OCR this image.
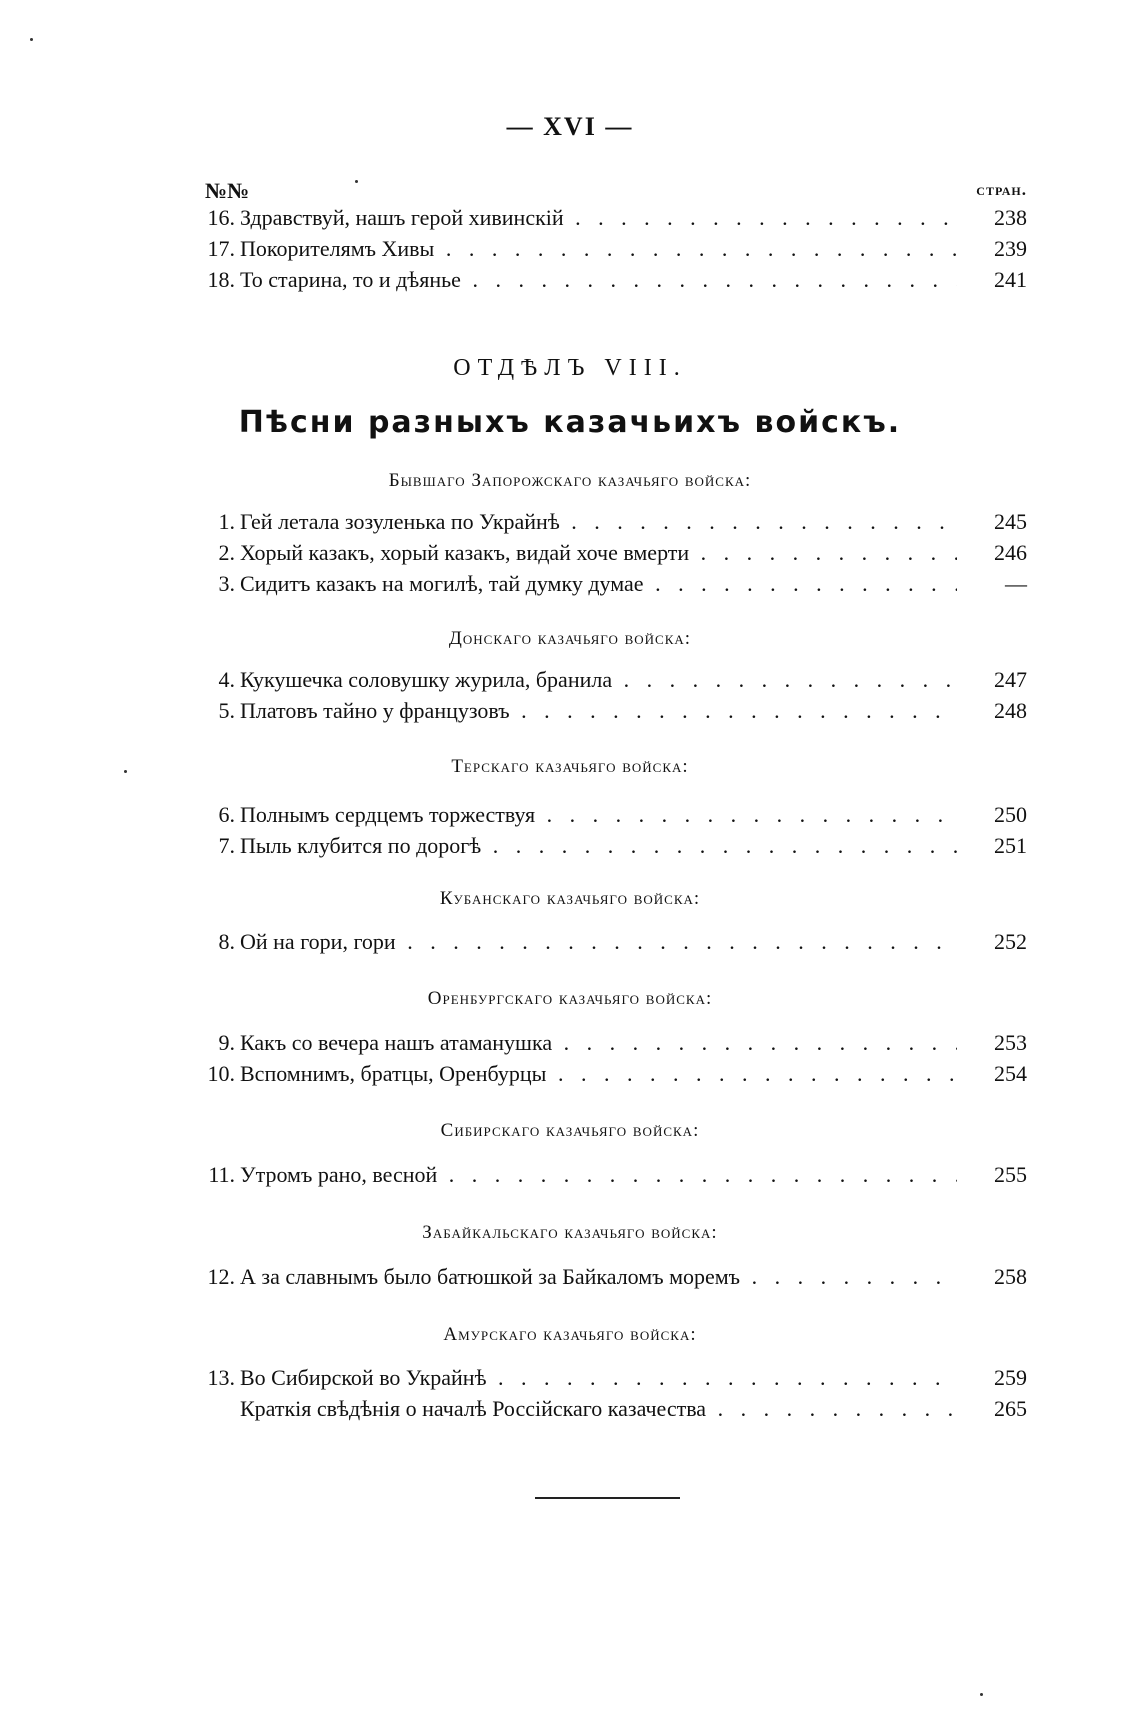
— XVI —
№№	стран.
16. Здравствуй, нашъ герой хивинскій . . .	238
17. Покорителямъ Хивы . . .	239
18. То старина, то и дѣянье . . .	241
ОТДѢЛЪ VIII.
Пѣсни разныхъ казачьихъ войскъ.
Бывшаго Запорожскаго казачьяго войска:
1. Гей летала зозуленька по Украйнѣ . . .	245
2. Хорый казакъ, хорый казакъ, видай хоче вмерти . . .	246
3. Сидитъ казакъ на могилѣ, тай думку думае . . .	—
Донскаго казачьяго войска:
4. Кукушечка соловушку журила, бранила . . .	247
5. Платовъ тайно у французовъ . . .	248
Терскаго казачьяго войска:
6. Полнымъ сердцемъ торжествуя . . .	250
7. Пыль клубится по дорогѣ . . .	251
Кубанскаго казачьяго войска:
8. Ой на гори, гори . . .	252
Оренбургскаго казачьяго войска:
9. Какъ со вечера нашъ атаманушка . . .	253
10. Вспомнимъ, братцы, Оренбурцы . . .	254
Сибирскаго казачьяго войска:
11. Утромъ рано, весной . . .	255
Забайкальскаго казачьяго войска:
12. А за славнымъ было батюшкой за Байкаломъ моремъ . . .	258
Амурскаго казачьяго войска:
13. Во Сибирской во Украйнѣ . . .	259
Краткія свѣдѣнія о началѣ Россійскаго казачества . . .	265
